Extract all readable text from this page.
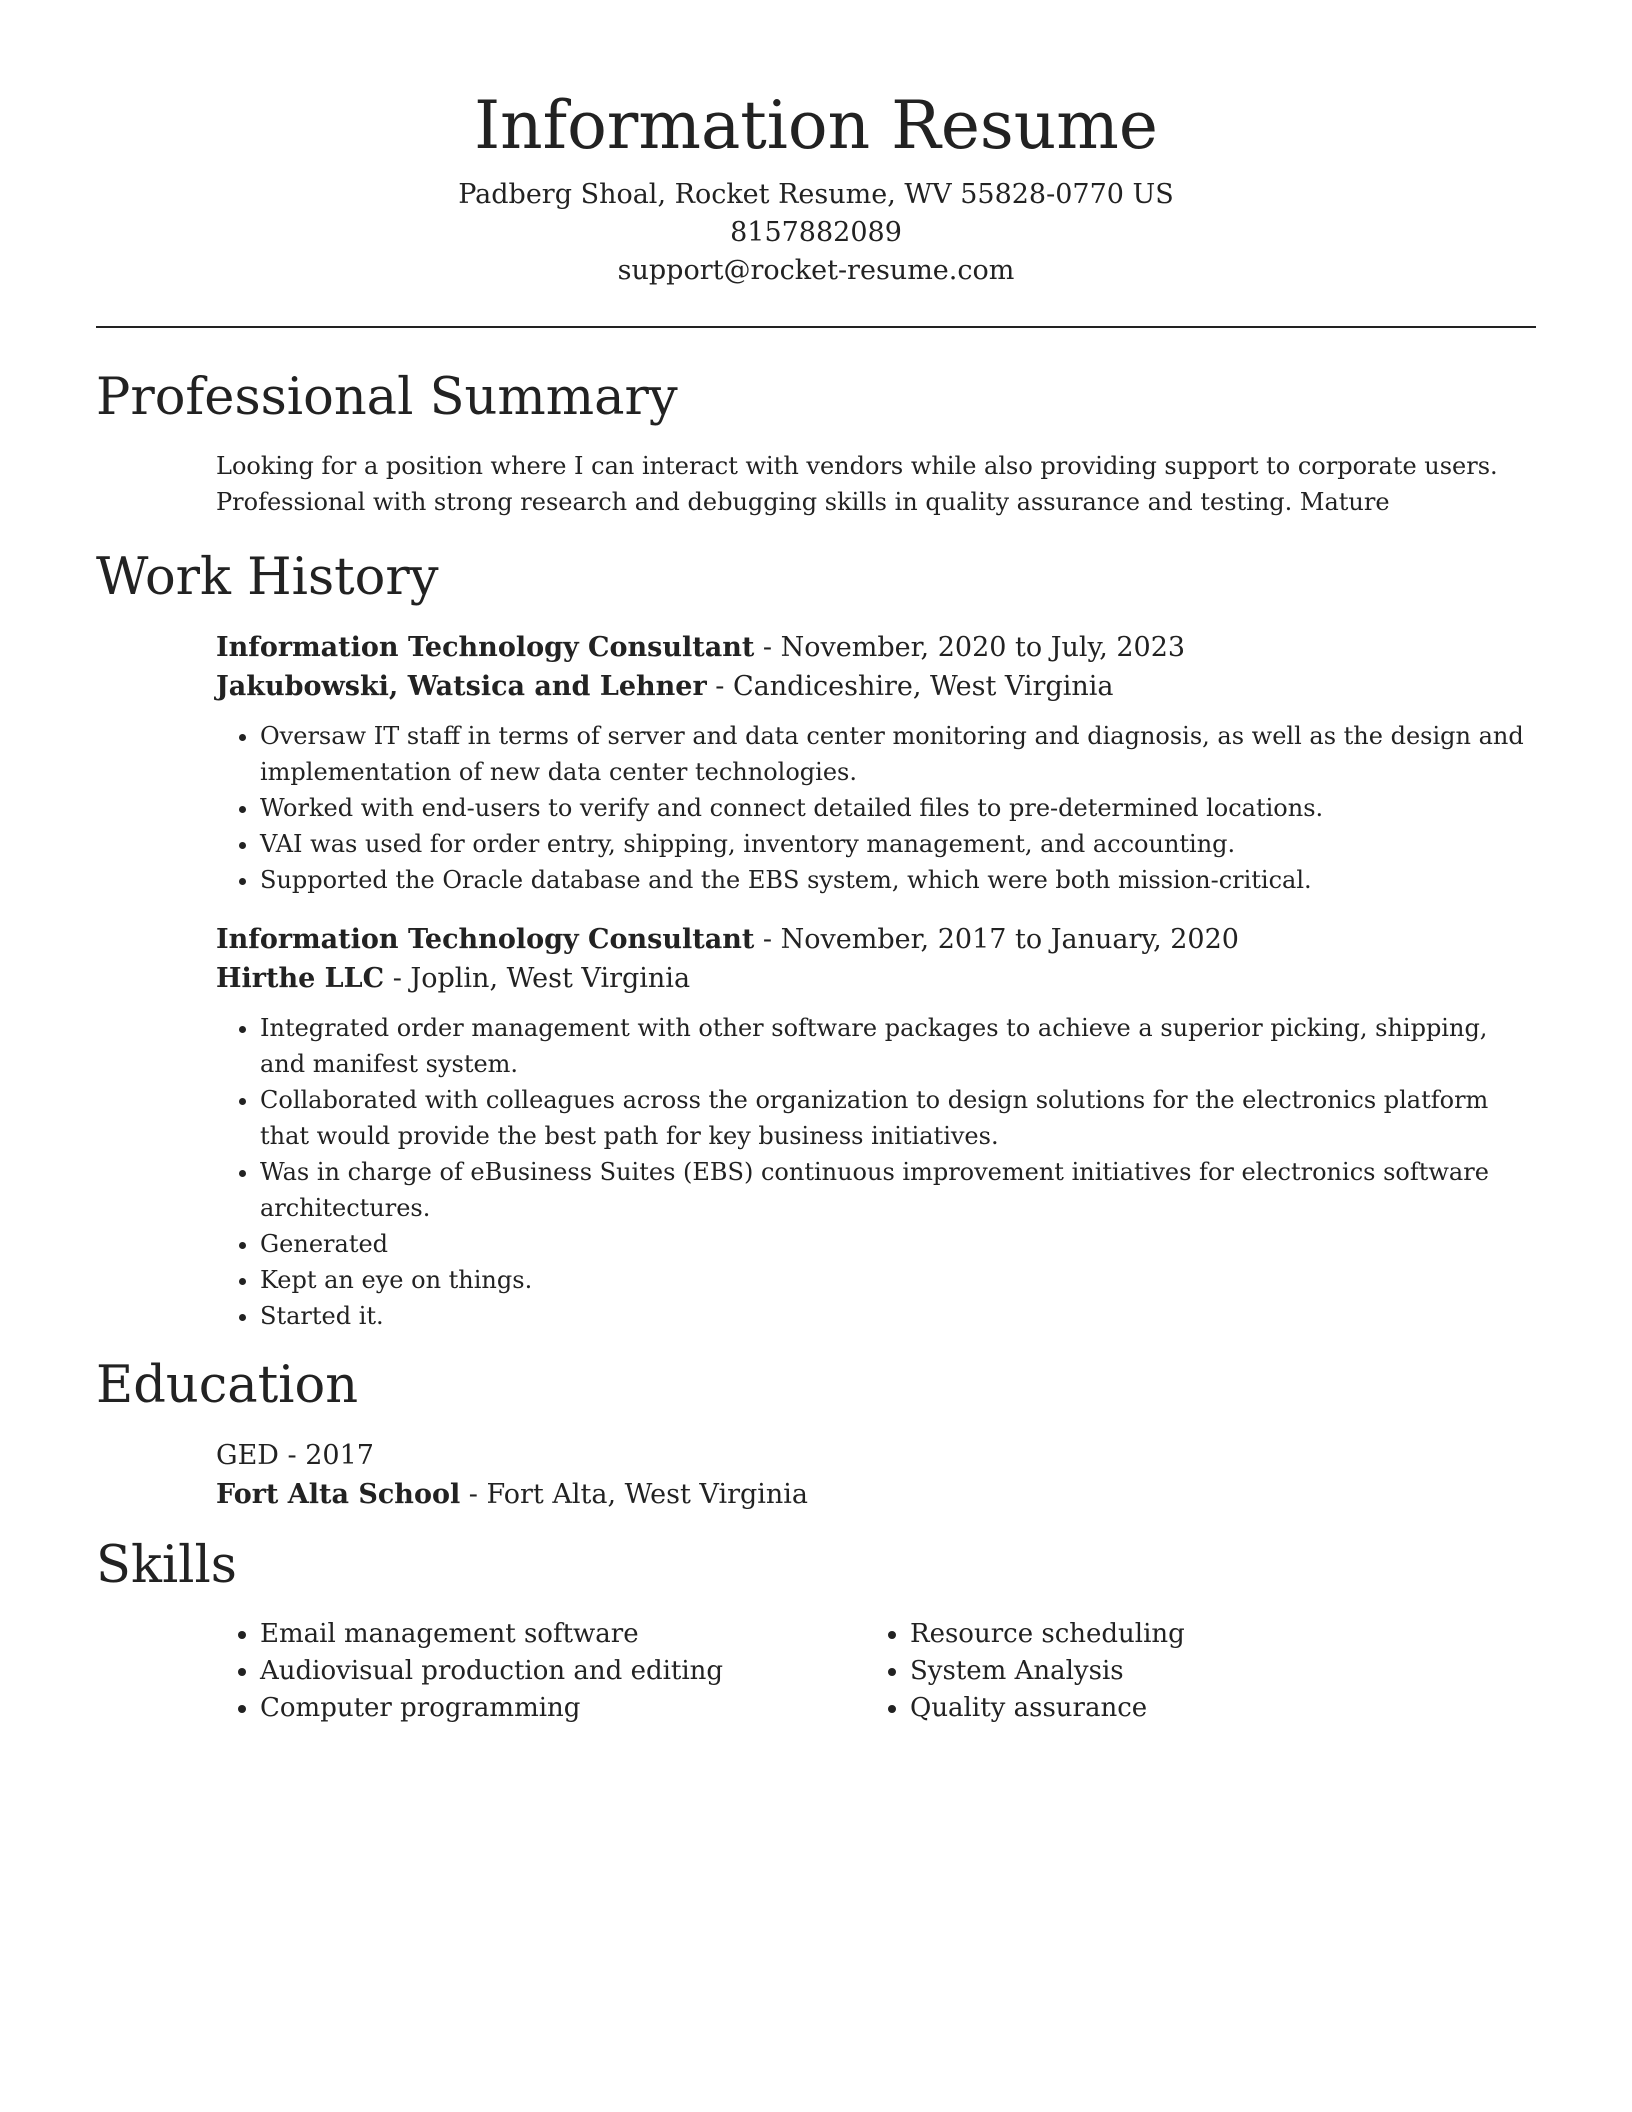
Information Resume
Padberg Shoal, Rocket Resume, WV 55828-0770 US
8157882089
support@rocket-resume.com
Professional Summary

Looking for a position where I can interact with vendors while also providing support to corporate users. Professional with strong research and debugging skills in quality assurance and testing. Mature

Work History
Information Technology Consultant - November, 2020 to July, 2023
Jakubowski, Watsica and Lehner - Candiceshire, West Virginia
• Oversaw IT staff in terms of server and data center monitoring and diagnosis, as well as the design and implementation of new data center technologies.
• Worked with end-users to verify and connect detailed files to pre-determined locations.
• VAI was used for order entry, shipping, inventory management, and accounting.
• Supported the Oracle database and the EBS system, which were both mission-critical.
Information Technology Consultant - November, 2017 to January, 2020
Hirthe LLC - Joplin, West Virginia
• Integrated order management with other software packages to achieve a superior picking, shipping, and manifest system.
• Collaborated with colleagues across the organization to design solutions for the electronics platform that would provide the best path for key business initiatives.
• Was in charge of eBusiness Suites (EBS) continuous improvement initiatives for electronics software architectures.
• Generated
• Kept an eye on things.
• Started it.
Education
GED - 2017
Fort Alta School - Fort Alta, West Virginia
Skills
• Email management software
• Audiovisual production and editing
• Computer programming
• Resource scheduling
• System Analysis
• Quality assurance
